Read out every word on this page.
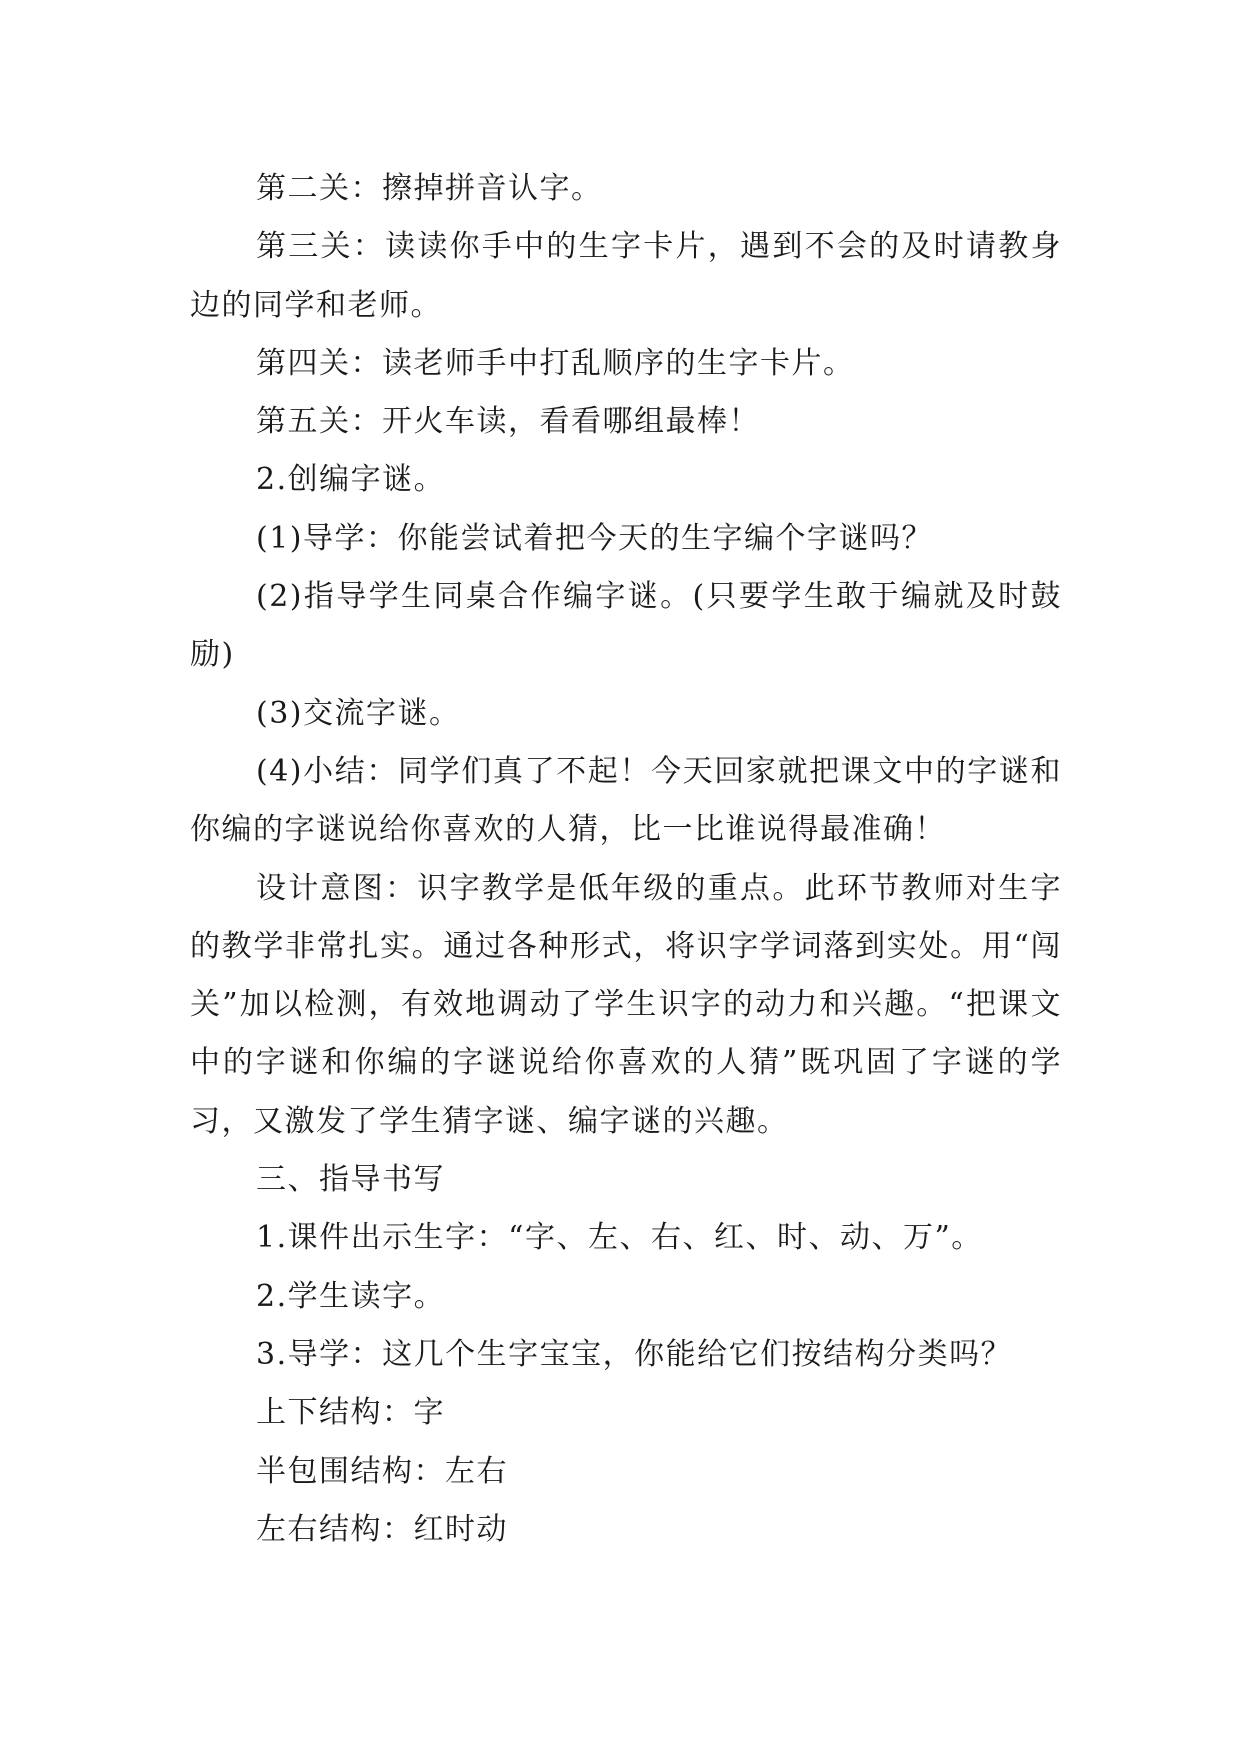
第二关：擦掉拼音认字。

第三关：读读你手中的生字卡片，遇到不会的及时请教身边的同学和老师。

第四关：读老师手中打乱顺序的生字卡片。

第五关：开火车读，看看哪组最棒！

2.创编字谜。

(1)导学：你能尝试着把今天的生字编个字谜吗？

(2)指导学生同桌合作编字谜。(只要学生敢于编就及时鼓励)

(3)交流字谜。

(4)小结：同学们真了不起！今天回家就把课文中的字谜和你编的字谜说给你喜欢的人猜，比一比谁说得最准确！

设计意图：识字教学是低年级的重点。此环节教师对生字的教学非常扎实。通过各种形式，将识字学词落到实处。用“闯关”加以检测，有效地调动了学生识字的动力和兴趣。“把课文中的字谜和你编的字谜说给你喜欢的人猜”既巩固了字谜的学习，又激发了学生猜字谜、编字谜的兴趣。

三、指导书写

1.课件出示生字：“字、左、右、红、时、动、万”。

2.学生读字。

3.导学：这几个生字宝宝，你能给它们按结构分类吗？

上下结构：字

半包围结构：左右

左右结构：红时动
